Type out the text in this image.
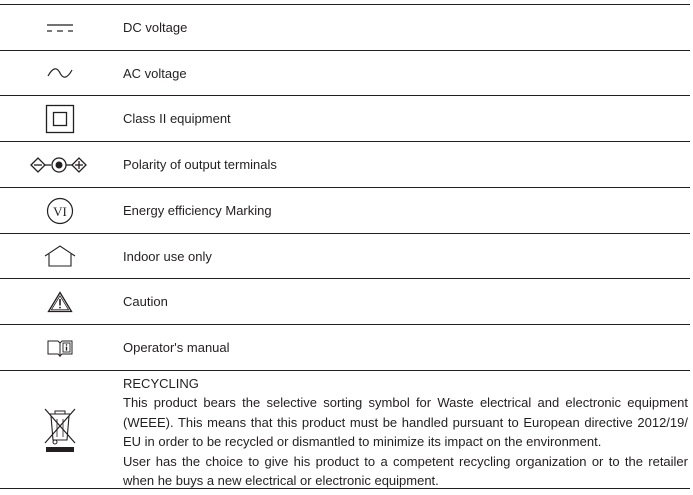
DC voltage
AC voltage
Class II equipment
Polarity of output terminals
VI	Energy efficiency Marking
Indoor use only
Caution
Operator's manual
RECYCLING
This product bears the selective sorting symbol for Waste electrical and electronic equipment (WEEE). This means that this product must be handled pursuant to European directive 2012/19/ EU in order to be recycled or dismantled to minimize its impact on the environment.
User has the choice to give his product to a competent recycling organization or to the retailer when he buys a new electrical or electronic equipment.
